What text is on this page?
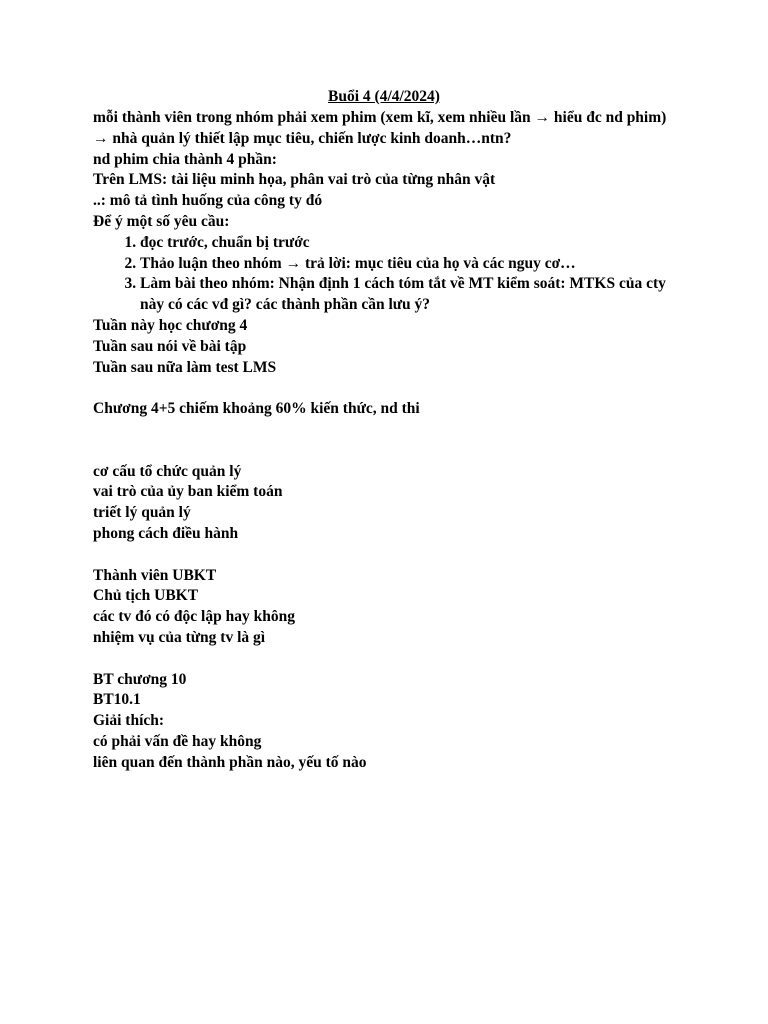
Buổi 4 (4/4/2024)

mỗi thành viên trong nhóm phải xem phim (xem kĩ, xem nhiều lần → hiểu đc nd phim) → nhà quản lý thiết lập mục tiêu, chiến lược kinh doanh…ntn?

nd phim chia thành 4 phần:

Trên LMS: tài liệu minh họa, phân vai trò của từng nhân vật

..: mô tả tình huống của công ty đó

Để ý một số yêu cầu:

1. đọc trước, chuẩn bị trước
2. Thảo luận theo nhóm → trả lời: mục tiêu của họ và các nguy cơ…
3. Làm bài theo nhóm: Nhận định 1 cách tóm tắt về MT kiểm soát: MTKS của cty này có các vđ gì? các thành phần cần lưu ý?

Tuần này học chương 4

Tuần sau nói về bài tập

Tuần sau nữa làm test LMS

Chương 4+5 chiếm khoảng 60% kiến thức, nd thi

cơ cấu tổ chức quản lý

vai trò của ủy ban kiểm toán

triết lý quản lý

phong cách điều hành

Thành viên UBKT

Chủ tịch UBKT

các tv đó có độc lập hay không

nhiệm vụ của từng tv là gì

BT chương 10

BT10.1

Giải thích:

có phải vấn đề hay không

liên quan đến thành phần nào, yếu tố nào
